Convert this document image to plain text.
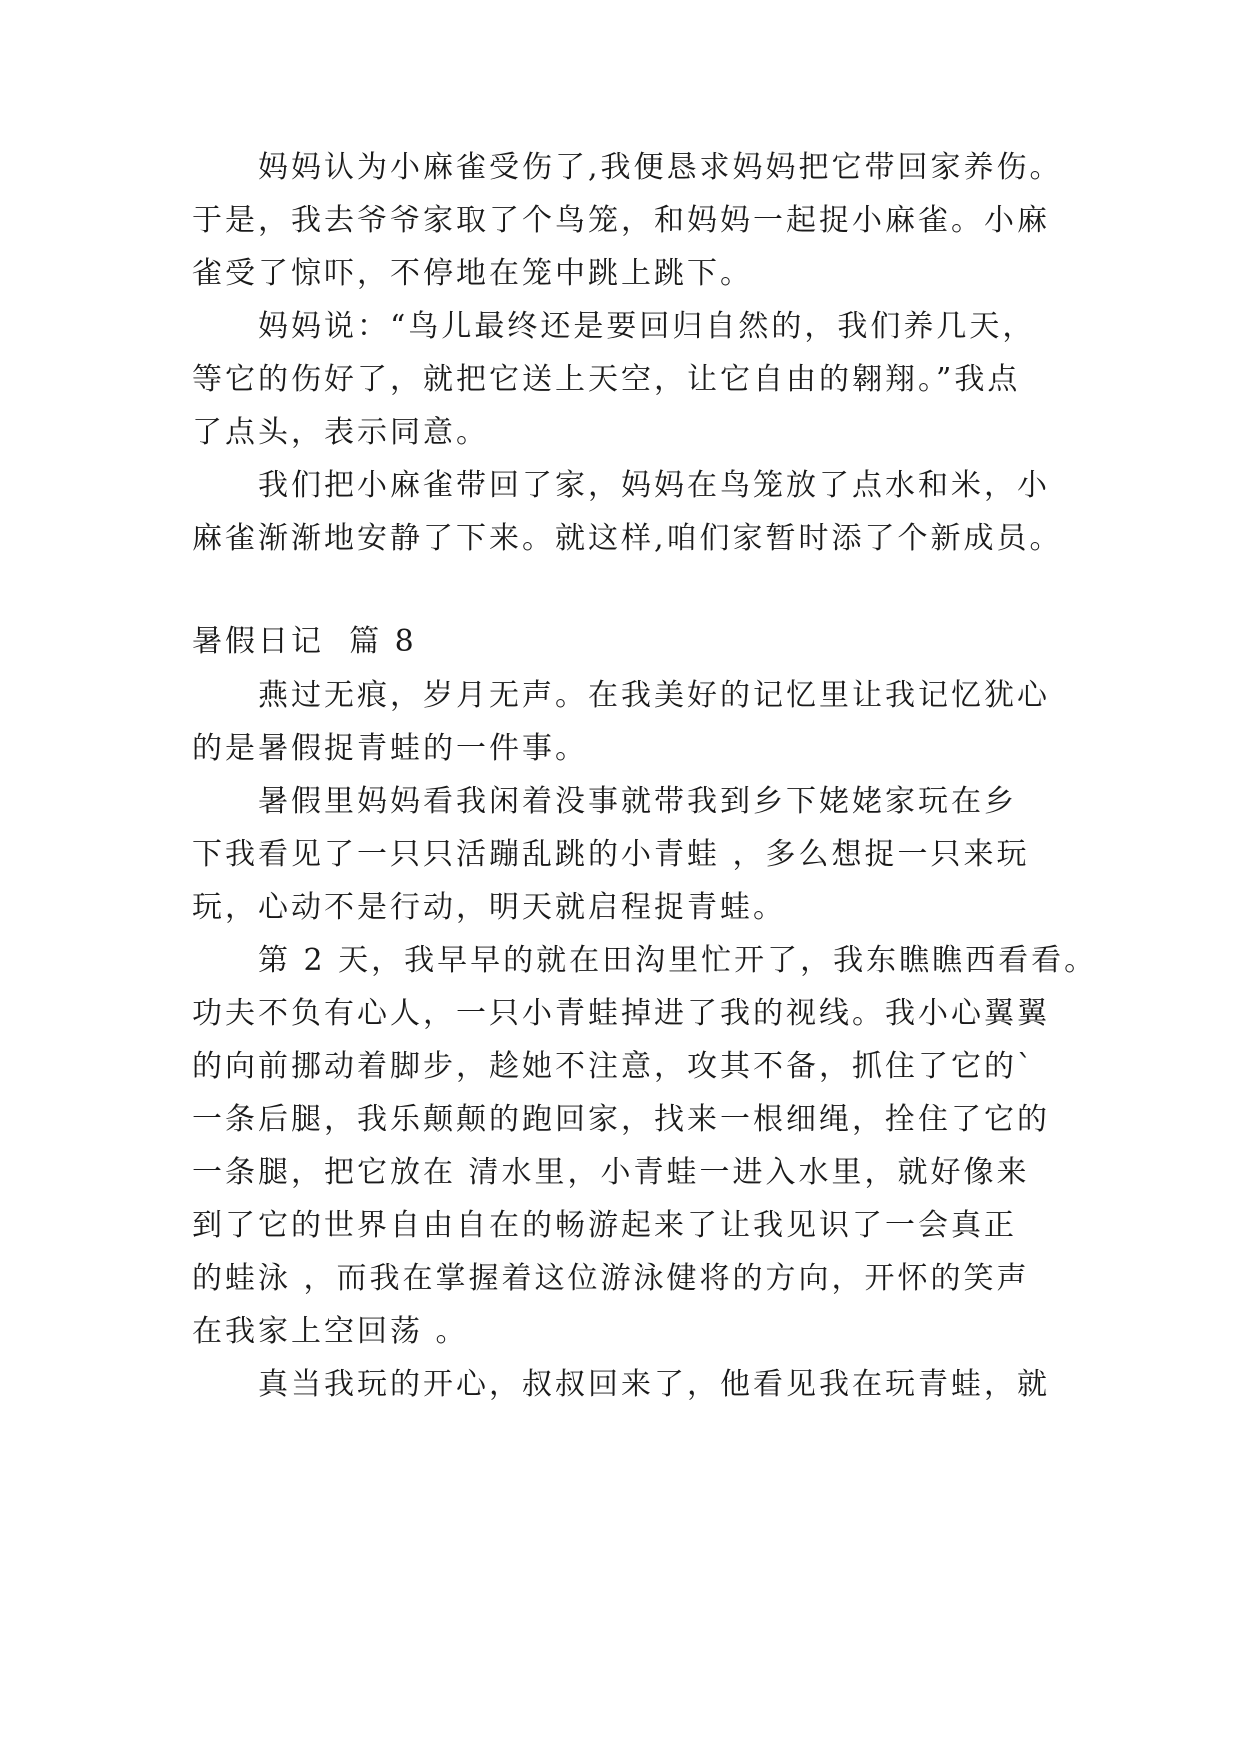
妈妈认为小麻雀受伤了,我便恳求妈妈把它带回家养伤。
于是，我去爷爷家取了个鸟笼，和妈妈一起捉小麻雀。小麻
雀受了惊吓，不停地在笼中跳上跳下。
妈妈说：“鸟儿最终还是要回归自然的，我们养几天，
等它的伤好了，就把它送上天空，让它自由的翱翔。”我点
了点头，表示同意。
我们把小麻雀带回了家，妈妈在鸟笼放了点水和米，小
麻雀渐渐地安静了下来。就这样,咱们家暂时添了个新成员。
暑假日记  篇 8
燕过无痕，岁月无声。在我美好的记忆里让我记忆犹心
的是暑假捉青蛙的一件事。
暑假里妈妈看我闲着没事就带我到乡下姥姥家玩在乡
下我看见了一只只活蹦乱跳的小青蛙 ，多么想捉一只来玩
玩，心动不是行动，明天就启程捉青蛙。
第 2 天，我早早的就在田沟里忙开了，我东瞧瞧西看看。
功夫不负有心人，一只小青蛙掉进了我的视线。我小心翼翼
的向前挪动着脚步，趁她不注意，攻其不备，抓住了它的`
一条后腿，我乐颠颠的跑回家，找来一根细绳，拴住了它的
一条腿，把它放在 清水里，小青蛙一进入水里，就好像来
到了它的世界自由自在的畅游起来了让我见识了一会真正
的蛙泳 ，而我在掌握着这位游泳健将的方向，开怀的笑声
在我家上空回荡 。
真当我玩的开心，叔叔回来了，他看见我在玩青蛙，就
